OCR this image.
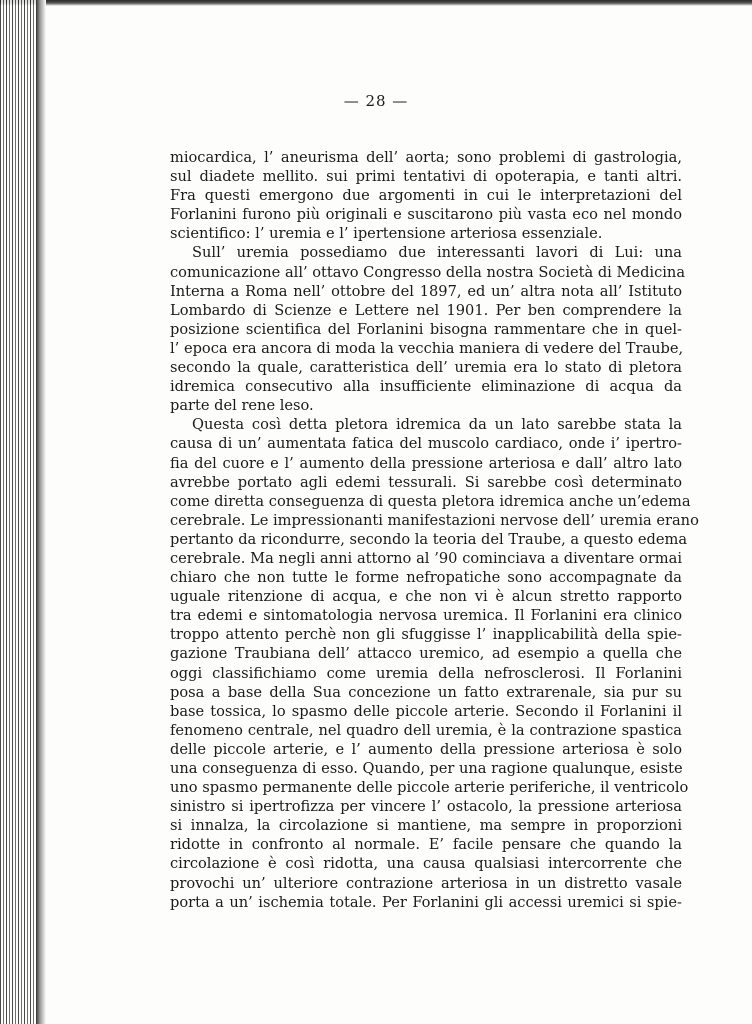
— 28 —
miocardica, l’ aneurisma dell’ aorta; sono problemi di gastrologia,
sul diadete mellito. sui primi tentativi di opoterapia, e tanti altri.
Fra questi emergono due argomenti in cui le interpretazioni del
Forlanini furono più originali e suscitarono più vasta eco nel mondo
scientifico: l’ uremia e l’ ipertensione arteriosa essenziale.
Sull’ uremia possediamo due interessanti lavori di Lui: una
comunicazione all’ ottavo Congresso della nostra Società di Medicina
Interna a Roma nell’ ottobre del 1897, ed un’ altra nota all’ Istituto
Lombardo di Scienze e Lettere nel 1901. Per ben comprendere la
posizione scientifica del Forlanini bisogna rammentare che in quel-
l’ epoca era ancora di moda la vecchia maniera di vedere del Traube,
secondo la quale, caratteristica dell’ uremia era lo stato di pletora
idremica consecutivo alla insufficiente eliminazione di acqua da
parte del rene leso.
Questa così detta pletora idremica da un lato sarebbe stata la
causa di un’ aumentata fatica del muscolo cardiaco, onde i’ ipertro-
fia del cuore e l’ aumento della pressione arteriosa e dall’ altro lato
avrebbe portato agli edemi tessurali. Si sarebbe così determinato
come diretta conseguenza di questa pletora idremica anche un’edema
cerebrale. Le impressionanti manifestazioni nervose dell’ uremia erano
pertanto da ricondurre, secondo la teoria del Traube, a questo edema
cerebrale. Ma negli anni attorno al ’90 cominciava a diventare ormai
chiaro che non tutte le forme nefropatiche sono accompagnate da
uguale ritenzione di acqua, e che non vi è alcun stretto rapporto
tra edemi e sintomatologia nervosa uremica. Il Forlanini era clinico
troppo attento perchè non gli sfuggisse l’ inapplicabilità della spie-
gazione Traubiana dell’ attacco uremico, ad esempio a quella che
oggi classifichiamo come uremia della nefrosclerosi. Il Forlanini
posa a base della Sua concezione un fatto extrarenale, sia pur su
base tossica, lo spasmo delle piccole arterie. Secondo il Forlanini il
fenomeno centrale, nel quadro dell uremia, è la contrazione spastica
delle piccole arterie, e l’ aumento della pressione arteriosa è solo
una conseguenza di esso. Quando, per una ragione qualunque, esiste
uno spasmo permanente delle piccole arterie periferiche, il ventricolo
sinistro si ipertrofizza per vincere l’ ostacolo, la pressione arteriosa
si innalza, la circolazione si mantiene, ma sempre in proporzioni
ridotte in confronto al normale. E’ facile pensare che quando la
circolazione è così ridotta, una causa qualsiasi intercorrente che
provochi un’ ulteriore contrazione arteriosa in un distretto vasale
porta a un’ ischemia totale. Per Forlanini gli accessi uremici si spie-
